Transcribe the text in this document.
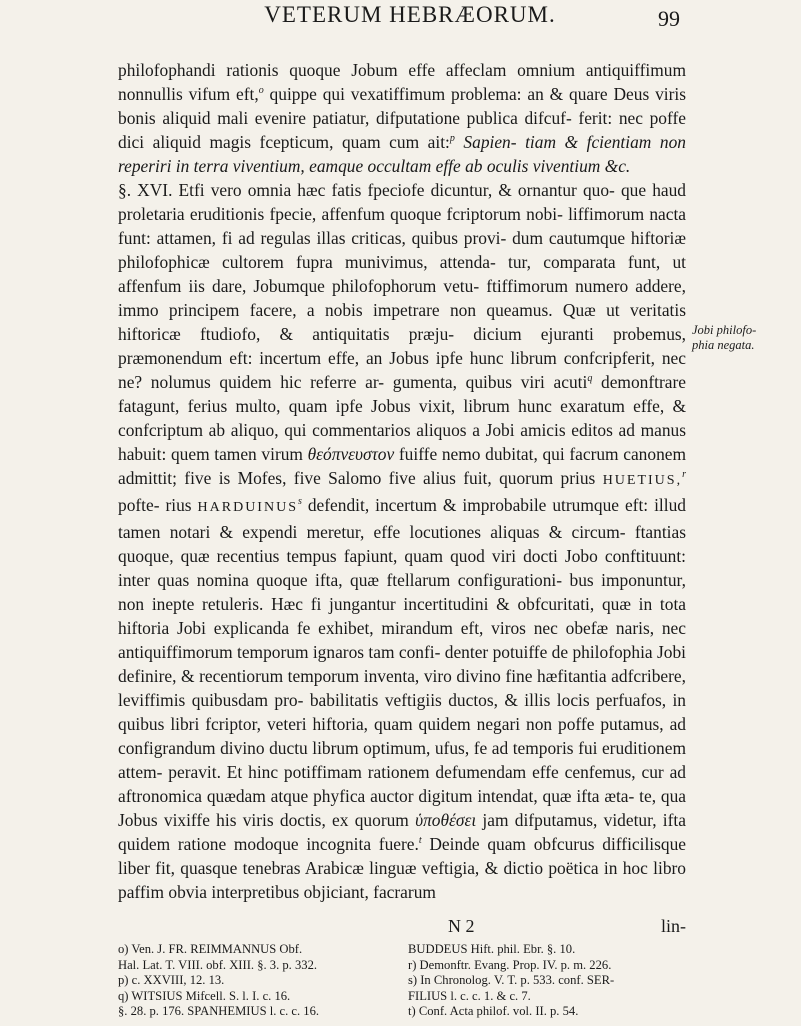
VETERUM HEBRÆORUM.	99
Jobi philofo-
phia negata.

philofophandi rationis quoque Jobum effe affeclam omnium antiquiffimum nonnullis vifum eft,$^o$ quippe qui vexatiffimum problema: an & quare Deus viris bonis aliquid mali evenire patiatur, difputatione publica difcuf- ferit: nec poffe dici aliquid magis fcepticum, quam cum ait:$^p$ Sapien- tiam & fcientiam non reperiri in terra viventium, eamque occultam effe ab oculis viventium &c.

§. XVI. Etfi vero omnia hæc fatis fpeciofe dicuntur, & ornantur quo- que haud proletaria eruditionis fpecie, affenfum quoque fcriptorum nobi- liffimorum nacta funt: attamen, fi ad regulas illas criticas, quibus provi- dum cautumque hiftoriæ philofophicæ cultorem fupra munivimus, attenda- tur, comparata funt, ut affenfum iis dare, Jobumque philofophorum vetu- ftiffimorum numero addere, immo principem facere, a nobis impetrare non queamus. Quæ ut veritatis hiftoricæ ftudiofo, & antiquitatis præju- dicium ejuranti probemus, præmonendum eft: incertum effe, an Jobus ipfe hunc librum confcripferit, nec ne? nolumus quidem hic referre ar- gumenta, quibus viri acuti$^q$ demonftrare fatagunt, ferius multo, quam ipfe Jobus vixit, librum hunc exaratum effe, & confcriptum ab aliquo, qui commentarios aliquos a Jobi amicis editos ad manus habuit: quem tamen virum θεόπνευστον fuiffe nemo dubitat, qui facrum canonem admittit; five is Mofes, five Salomo five alius fuit, quorum prius HUETIUS,$^r$ pofte- rius HARDUINUS$^s$ defendit, incertum & improbabile utrumque eft: illud tamen notari & expendi meretur, effe locutiones aliquas & circum- ftantias quoque, quæ recentius tempus fapiunt, quam quod viri docti Jobo conftituunt: inter quas nomina quoque ifta, quæ ftellarum configurationi- bus imponuntur, non inepte retuleris. Hæc fi jungantur incertitudini & obfcuritati, quæ in tota hiftoria Jobi explicanda fe exhibet, mirandum eft, viros nec obefæ naris, nec antiquiffimorum temporum ignaros tam confi- denter potuiffe de philofophia Jobi definire, & recentiorum temporum inventa, viro divino fine hæfitantia adfcribere, leviffimis quibusdam pro- babilitatis veftigiis ductos, & illis locis perfuafos, in quibus libri fcriptor, veteri hiftoria, quam quidem negari non poffe putamus, ad configrandum divino ductu librum optimum, ufus, fe ad temporis fui eruditionem attem- peravit. Et hinc potiffimam rationem defumendam effe cenfemus, cur ad aftronomica quædam atque phyfica auctor digitum intendat, quæ ifta æta- te, qua Jobus vixiffe his viris doctis, ex quorum ὑποθέσει jam difputamus, videtur, ifta quidem ratione modoque incognita fuere.$^t$ Deinde quam obfcurus difficilisque liber fit, quasque tenebras Arabicæ linguæ veftigia, & dictio poëtica in hoc libro paffim obvia interpretibus objiciant, facrarum

N 2	lin-
o) Ven. J. FR. REIMMANNUS Obf.
Hal. Lat. T. VIII. obf. XIII. §. 3. p. 332.
p) c. XXVIII, 12. 13.
q) WITSIUS Mifcell. S. l. I. c. 16.
§. 28. p. 176. SPANHEMIUS l. c. c. 16.
BUDDEUS Hift. phil. Ebr. §. 10.
r) Demonftr. Evang. Prop. IV. p. m. 226.
s) In Chronolog. V. T. p. 533. conf. SER-
FILIUS l. c. c. 1. & c. 7.
t) Conf. Acta philof. vol. II. p. 54.
